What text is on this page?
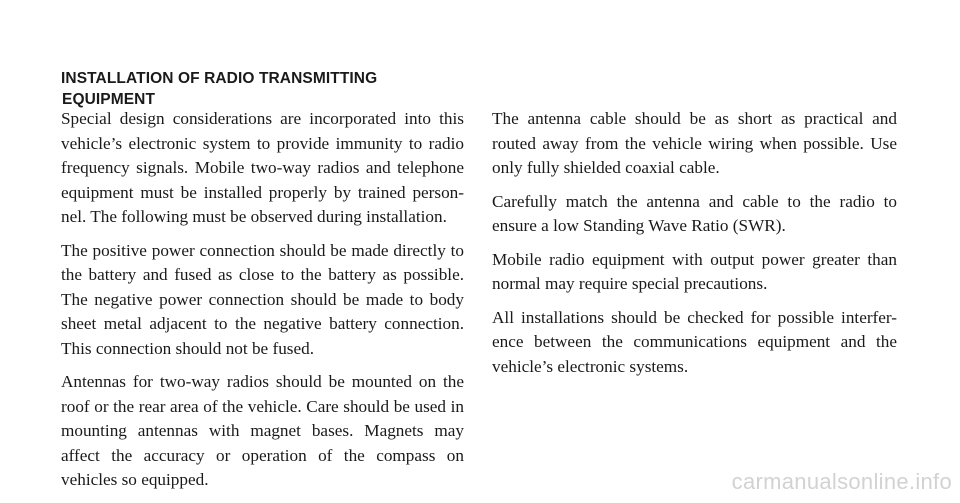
INSTALLATION OF RADIO TRANSMITTING
EQUIPMENT

Special design considerations are incorporated into this vehicle’s electronic system to provide immunity to radio frequency signals. Mobile two-way radios and telephone equipment must be installed properly by trained person-nel. The following must be observed during installation.

The positive power connection should be made directly to the battery and fused as close to the battery as possible. The negative power connection should be made to body sheet metal adjacent to the negative battery connection. This connection should not be fused.

Antennas for two-way radios should be mounted on the roof or the rear area of the vehicle. Care should be used in mounting antennas with magnet bases. Magnets may affect the accuracy or operation of the compass on vehicles so equipped.

The antenna cable should be as short as practical and routed away from the vehicle wiring when possible. Use only fully shielded coaxial cable.

Carefully match the antenna and cable to the radio to ensure a low Standing Wave Ratio (SWR).

Mobile radio equipment with output power greater than normal may require special precautions.

All installations should be checked for possible interfer-ence between the communications equipment and the vehicle’s electronic systems.

carmanualsonline.info
